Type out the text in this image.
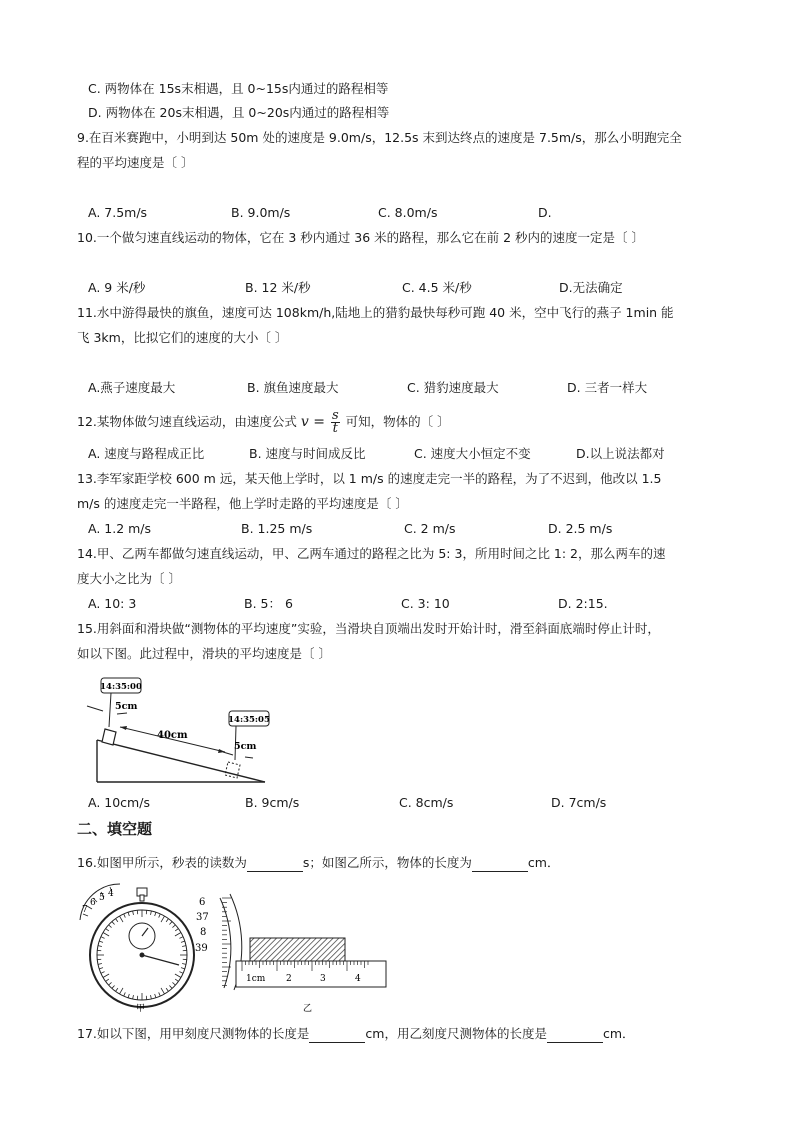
C. 两物体在 15s末相遇，且 0~15s内通过的路程相等
D. 两物体在 20s末相遇，且 0~20s内通过的路程相等
9.在百米赛跑中，小明到达 50m 处的速度是 9.0m/s，12.5s 末到达终点的速度是 7.5m/s，那么小明跑完全
程的平均速度是〔 〕
A. 7.5m/s	B. 9.0m/s	C. 8.0m/s	D.
10.一个做匀速直线运动的物体，它在 3 秒内通过 36 米的路程，那么它在前 2 秒内的速度一定是〔 〕
A. 9 米/秒	B. 12 米/秒	C. 4.5 米/秒	D.无法确定
11.水中游得最快的旗鱼，速度可达 108km/h,陆地上的猎豹最快每秒可跑 40 米，空中飞行的燕子 1min 能
飞 3km，比拟它们的速度的大小〔 〕
A.燕子速度最大	B. 旗鱼速度最大	C. 猎豹速度最大	D. 三者一样大
12.某物体做匀速直线运动，由速度公式 $v = \frac{s}{t}$ 可知，物体的〔 〕
A. 速度与路程成正比	B. 速度与时间成反比	C. 速度大小恒定不变	D.以上说法都对
13.李军家距学校 600 m 远，某天他上学时，以 1 m/s 的速度走完一半的路程，为了不迟到，他改以 1.5
m/s 的速度走完一半路程，他上学时走路的平均速度是〔 〕
A. 1.2 m/s	B. 1.25 m/s	C. 2 m/s	D. 2.5 m/s
14.甲、乙两车都做匀速直线运动，甲、乙两车通过的路程之比为 5: 3，所用时间之比 1: 2，那么两车的速
度大小之比为〔 〕
A. 10: 3	B. 5： 6	C. 3: 10	D. 2:15.
15.用斜面和滑块做“测物体的平均速度”实验，当滑块自顶端出发时开始计时，滑至斜面底端时停止计时，
如以下图。此过程中，滑块的平均速度是〔 〕
14:35:00
14:35:05
5cm
40cm
5cm
A. 10cm/s	B. 9cm/s	C. 8cm/s	D. 7cm/s
二、填空题
16.如图甲所示，秒表的读数为	s；如图乙所示，物体的长度为	cm．
7
6 5 4
甲
6
37
8
39
1cm 2	3	4
乙
17.如以下图，用甲刻度尺测物体的长度是	cm，用乙刻度尺测物体的长度是	cm．
